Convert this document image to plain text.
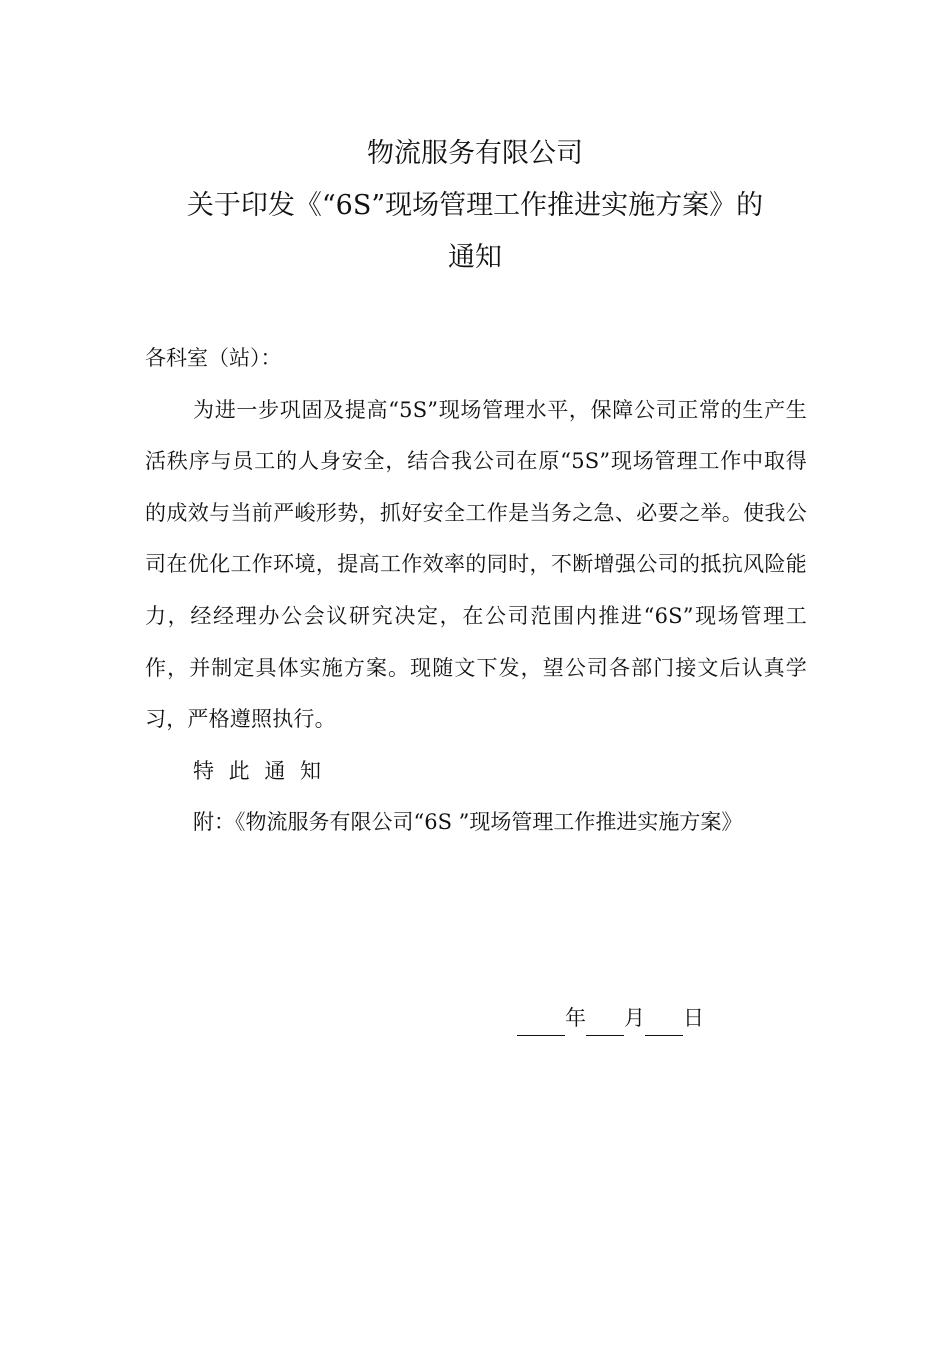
物流服务有限公司
关于印发《“6S”现场管理工作推进实施方案》的
通知

各科室（站）：

为进一步巩固及提高“5S”现场管理水平，保障公司正常的生产生活秩序与员工的人身安全，结合我公司在原“5S”现场管理工作中取得的成效与当前严峻形势，抓好安全工作是当务之急、必要之举。使我公司在优化工作环境，提高工作效率的同时，不断增强公司的抵抗风险能力，经经理办公会议研究决定，在公司范围内推进“6S”现场管理工作，并制定具体实施方案。现随文下发，望公司各部门接文后认真学习，严格遵照执行。

特 此 通 知

附：《物流服务有限公司“6S ”现场管理工作推进实施方案》

年 月 日
